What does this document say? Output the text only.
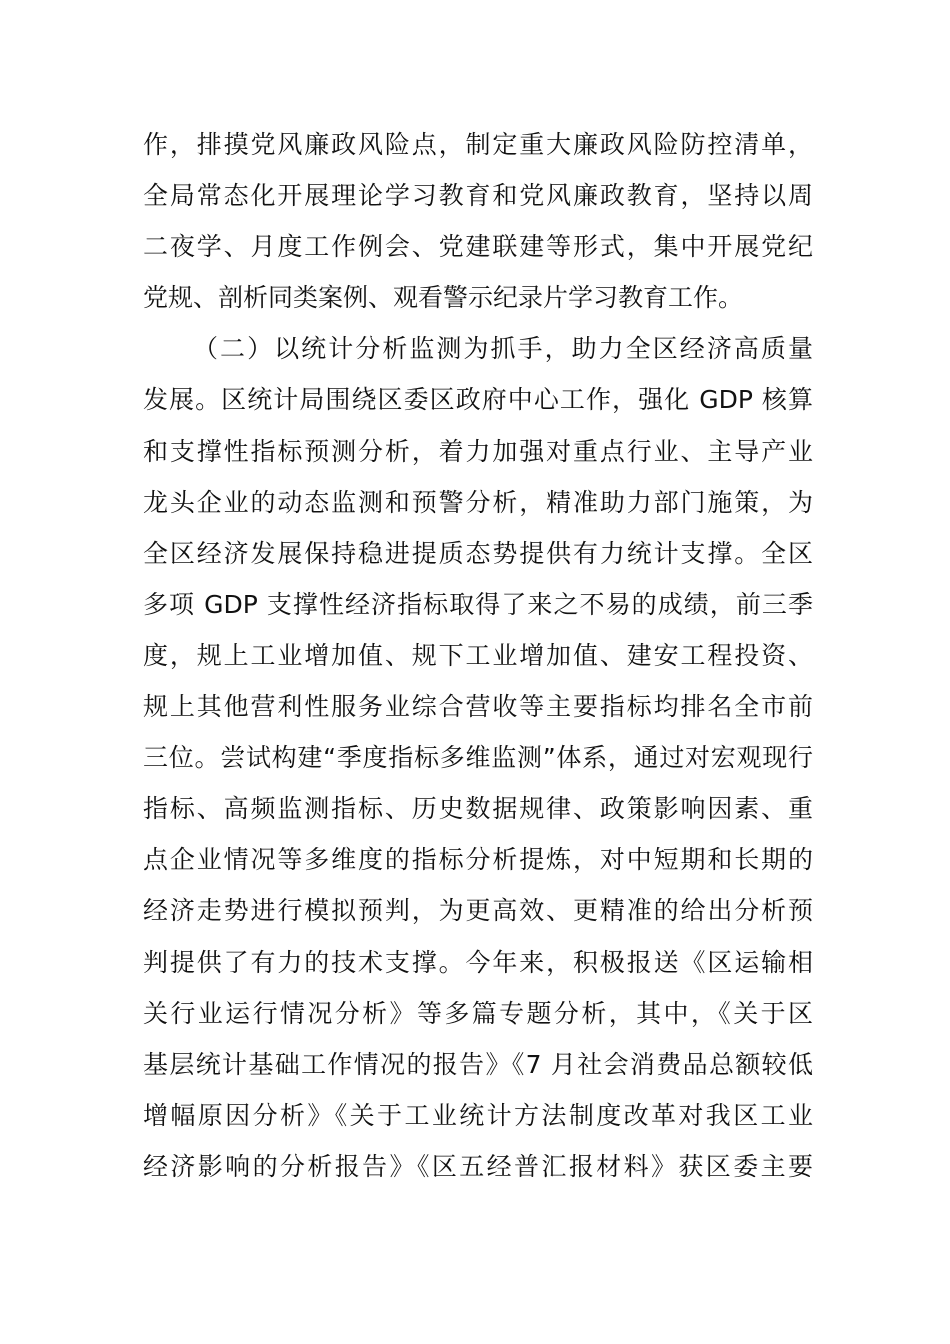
作，排摸党风廉政风险点，制定重大廉政风险防控清单，
全局常态化开展理论学习教育和党风廉政教育，坚持以周
二夜学、月度工作例会、党建联建等形式，集中开展党纪
党规、剖析同类案例、观看警示纪录片学习教育工作。
（二）以统计分析监测为抓手，助力全区经济高质量
发展。区统计局围绕区委区政府中心工作，强化 GDP 核算
和支撑性指标预测分析，着力加强对重点行业、主导产业
龙头企业的动态监测和预警分析，精准助力部门施策，为
全区经济发展保持稳进提质态势提供有力统计支撑。全区
多项 GDP 支撑性经济指标取得了来之不易的成绩，前三季
度，规上工业增加值、规下工业增加值、建安工程投资、
规上其他营利性服务业综合营收等主要指标均排名全市前
三位。尝试构建“季度指标多维监测”体系，通过对宏观现行
指标、高频监测指标、历史数据规律、政策影响因素、重
点企业情况等多维度的指标分析提炼，对中短期和长期的
经济走势进行模拟预判，为更高效、更精准的给出分析预
判提供了有力的技术支撑。今年来，积极报送《区运输相
关行业运行情况分析》等多篇专题分析，其中，《关于区
基层统计基础工作情况的报告》《7 月社会消费品总额较低
增幅原因分析》《关于工业统计方法制度改革对我区工业
经济影响的分析报告》《区五经普汇报材料》获区委主要
